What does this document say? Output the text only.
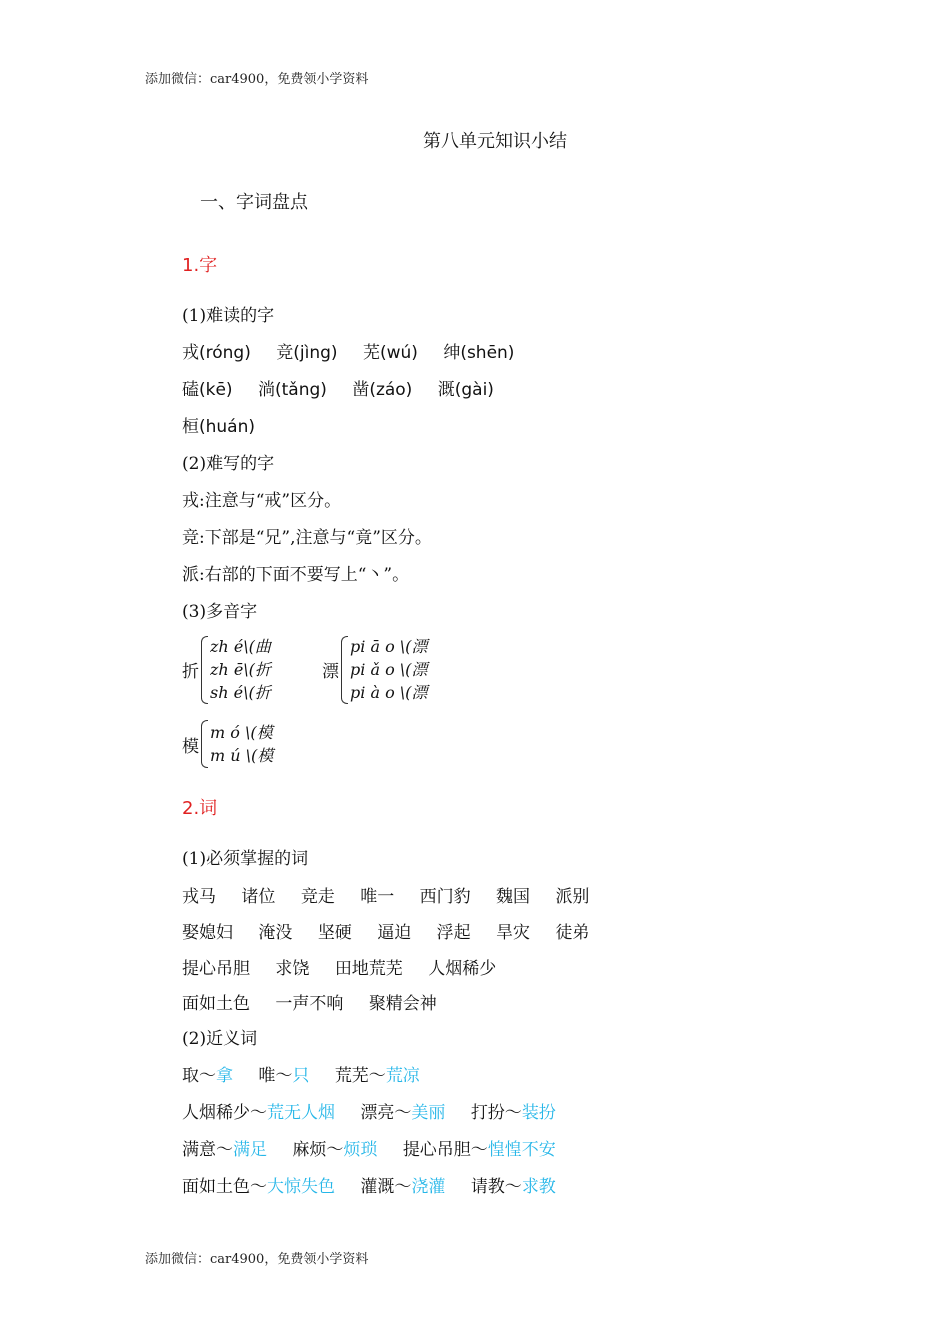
添加微信：car4900，免费领小学资料
第八单元知识小结
一、字词盘点
1.字
(1)难读的字
戎(róng) 竞(jìng) 芜(wú) 绅(shēn)
磕(kē) 淌(tǎng) 凿(záo) 溉(gài)
桓(huán)
(2)难写的字
戎:注意与“戒”区分。
竞:下部是“兄”,注意与“竟”区分。
派:右部的下面不要写上“丶”。
(3)多音字
折
zh é\(曲
zh ē\(折
sh é\(折
漂
pi ā o \(漂
pi ǎ o \(漂
pi à o \(漂
模
m ó \(模
m ú \(模
2.词
(1)必须掌握的词
戎马 诸位 竞走 唯一 西门豹 魏国 派别
娶媳妇 淹没 坚硬 逼迫 浮起 旱灾 徒弟
提心吊胆 求饶 田地荒芜 人烟稀少
面如土色 一声不响 聚精会神
(2)近义词
取～拿 唯～只 荒芜～荒凉
人烟稀少～荒无人烟 漂亮～美丽 打扮～装扮
满意～满足 麻烦～烦琐 提心吊胆～惶惶不安
面如土色～大惊失色 灌溉～浇灌 请教～求教
添加微信：car4900，免费领小学资料
